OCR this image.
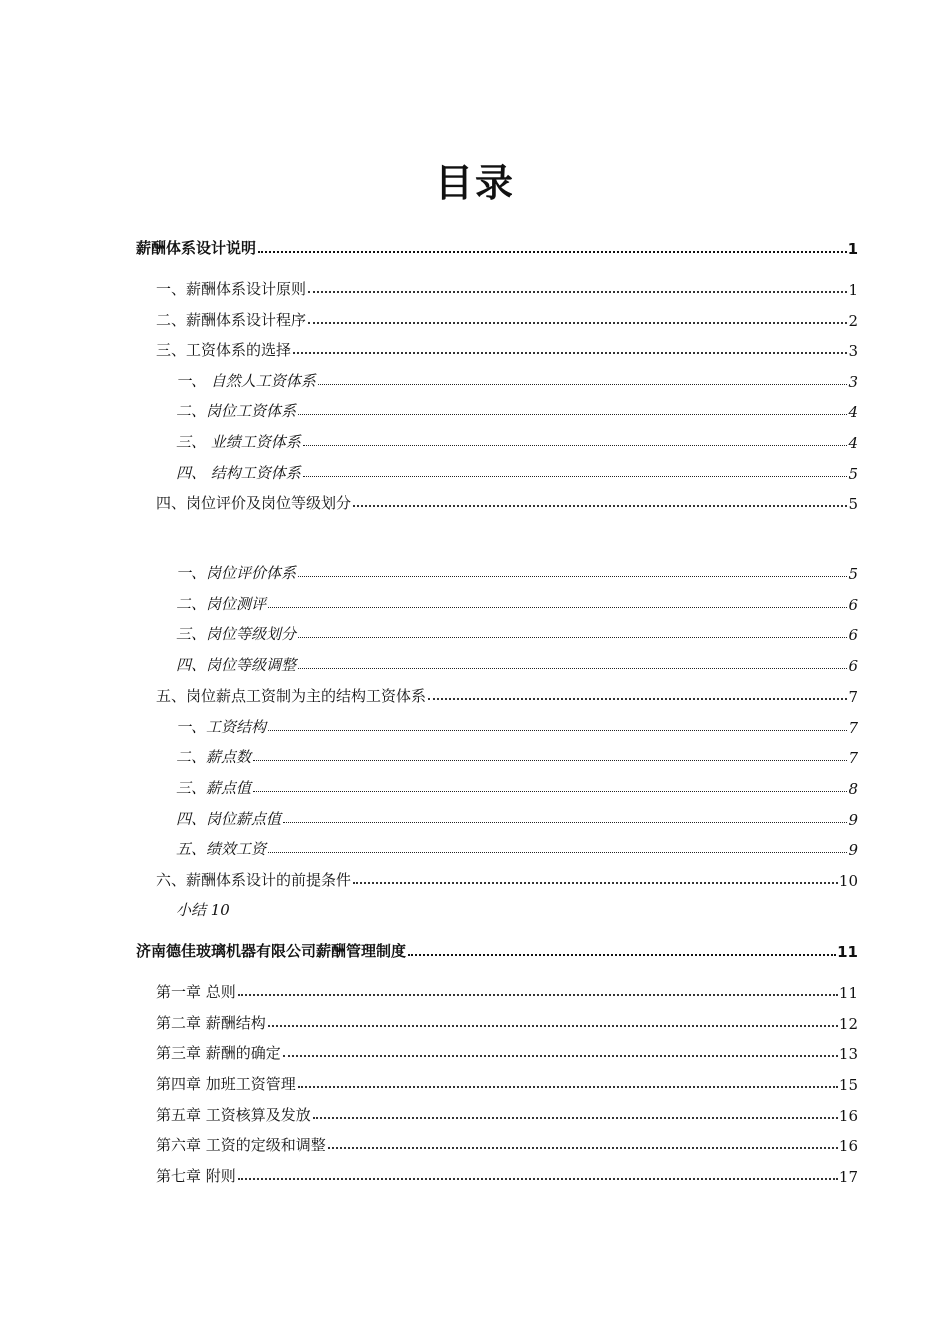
目录
薪酬体系设计说明	1
一、薪酬体系设计原则	1
二、薪酬体系设计程序	2
三、工资体系的选择	3
一、 自然人工资体系	3
二、岗位工资体系	4
三、 业绩工资体系	4
四、 结构工资体系	5
四、岗位评价及岗位等级划分	5
一、岗位评价体系	5
二、岗位测评	6
三、岗位等级划分	6
四、岗位等级调整	6
五、岗位薪点工资制为主的结构工资体系	7
一、工资结构	7
二、薪点数	7
三、薪点值	8
四、岗位薪点值	9
五、绩效工资	9
六、薪酬体系设计的前提条件	10
小结 10
济南德佳玻璃机器有限公司薪酬管理制度	11
第一章 总则	11
第二章 薪酬结构	12
第三章 薪酬的确定	13
第四章 加班工资管理	15
第五章 工资核算及发放	16
第六章 工资的定级和调整	16
第七章 附则	17
